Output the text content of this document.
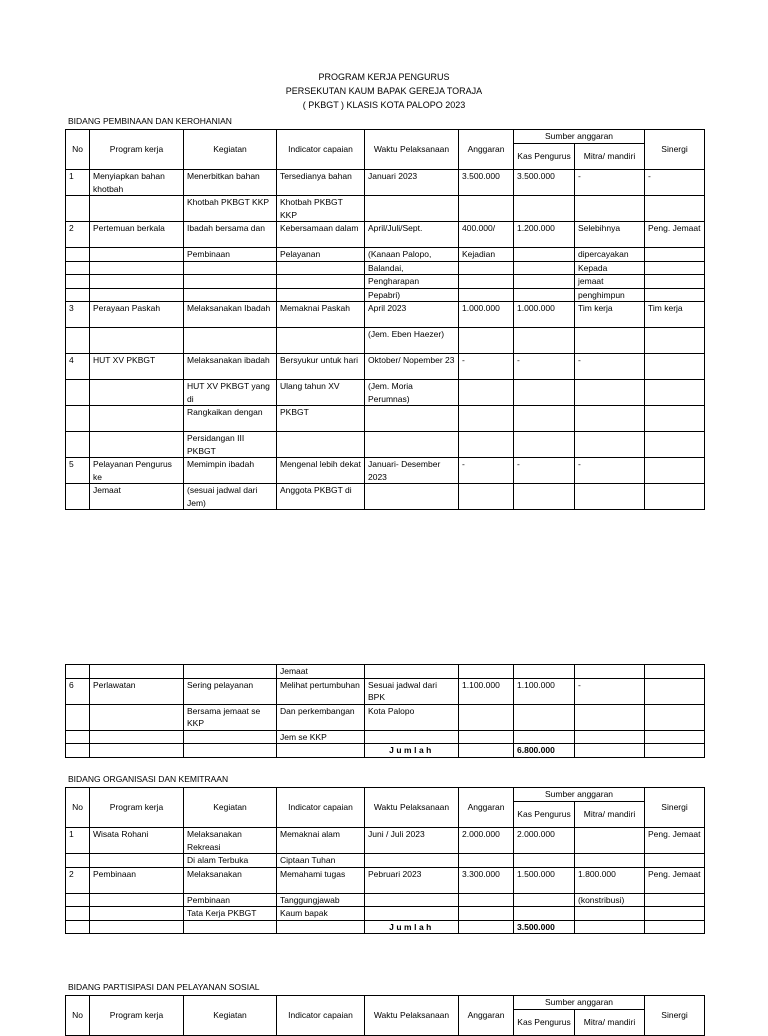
PROGRAM KERJA PENGURUS
PERSEKUTAN KAUM BAPAK GEREJA TORAJA
( PKBGT ) KLASIS KOTA PALOPO 2023
BIDANG PEMBINAAN DAN KEROHANIAN
No	Program kerja	Kegiatan	Indicator capaian	Waktu Pelaksanaan	Anggaran	Sumber anggaran		Sinergi
						Kas Pengurus	Mitra/ mandiri	
1	Menyiapkan bahan khotbah	Menerbitkan bahan	Tersedianya bahan	Januari 2023	3.500.000	3.500.000	-	-
		Khotbah PKBGT KKP	Khotbah PKBGT KKP					
2	Pertemuan berkala	Ibadah bersama dan	Kebersamaan dalam	April/Juli/Sept.	400.000/	1.200.000	Selebihnya	Peng. Jemaat
		Pembinaan	Pelayanan	(Kanaan Palopo,	Kejadian		dipercayakan	
				Balandai,			Kepada	
				Pengharapan			jemaat	
				Pepabri)			penghimpun	
3	Perayaan Paskah	Melaksanakan Ibadah	Memaknai Paskah	April 2023	1.000.000	1.000.000	Tim kerja	Tim kerja
				(Jem. Eben Haezer)				
4	HUT XV PKBGT	Melaksanakan ibadah	Bersyukur untuk hari	Oktober/ Nopember 23	-	-	-	
		HUT XV PKBGT yang di	Ulang tahun XV	(Jem. Moria Perumnas)				
		Rangkaikan dengan	PKBGT					
		Persidangan III PKBGT						
5	Pelayanan Pengurus ke	Memimpin ibadah	Mengenal lebih dekat	Januari- Desember 2023	-	-	-	
	Jemaat	(sesuai jadwal dari Jem)	Anggota PKBGT di					
			Jemaat					
6	Perlawatan	Sering pelayanan	Melihat pertumbuhan	Sesuai jadwal dari BPK	1.100.000	1.100.000	-	
		Bersama jemaat se KKP	Dan perkembangan	Kota Palopo				
			Jem se KKP					
				Jumlah		6.800.000		
BIDANG ORGANISASI DAN KEMITRAAN
No	Program kerja	Kegiatan	Indicator capaian	Waktu Pelaksanaan	Anggaran	Sumber anggaran		Sinergi
						Kas Pengurus	Mitra/ mandiri	
1	Wisata Rohani	Melaksanakan Rekreasi	Memaknai alam	Juni / Juli 2023	2.000.000	2.000.000		Peng. Jemaat
		Di alam Terbuka	Ciptaan Tuhan					
2	Pembinaan	Melaksanakan	Memahami tugas	Pebruari 2023	3.300.000	1.500.000	1.800.000	Peng. Jemaat
		Pembinaan	Tanggungjawab				(konstribusi)	
		Tata Kerja PKBGT	Kaum bapak					
				Jumlah		3.500.000		
BIDANG PARTISIPASI DAN PELAYANAN SOSIAL
No	Program kerja	Kegiatan	Indicator capaian	Waktu Pelaksanaan	Anggaran	Sumber anggaran		Sinergi
						Kas Pengurus	Mitra/ mandiri	
